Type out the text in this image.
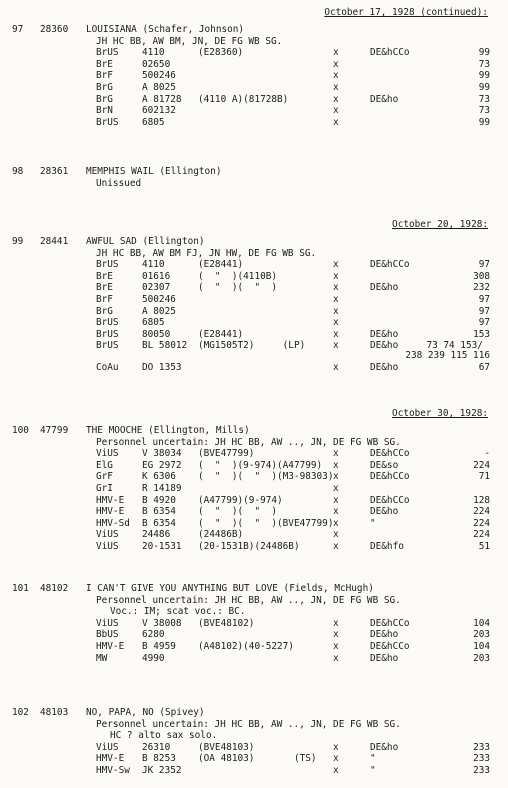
October 17, 1928 (continued):
October 20, 1928:
October 30, 1928:
97 28360 LOUISIANA (Schafer, Johnson)
JH HC BB, AW BM, JN, DE FG WB SG.
BrUS 4110	(E28360)	x	DE&hCCo	99
BrE	02650	x	73
BrF	500246	x	99
BrG	A 8025	x	99
BrG	A 81728 (4110 A)(81728B)	x	DE&ho	73
BrN	602132	x	73
BrUS 6805	x	99
98 28361 MEMPHIS WAIL (Ellington)
Unissued
99 28441 AWFUL SAD (Ellington)
JH HC BB, AW BM FJ, JN HW, DE FG WB SG.
BrUS 4110	(E28441)	x	DE&hCCo	97
BrE	01616	(  "  )(4110B)	x	308
BrE	02307	(  "  )(  "  )	x	DE&ho	232
BrF	500246	x	97
BrG	A 8025	x	97
BrUS 6805	x	97
BrUS 80050	(E28441)	x	DE&ho	153
BrUS BL 58012 (MG1505T2)     (LP)	x	DE&ho     73 74 153/
238 239 115 116
CoAu DO 1353	x	DE&ho	67
100 47799 THE MOOCHE (Ellington, Mills)
Personnel uncertain: JH HC BB, AW .., JN, DE FG WB SG.
ViUS V 38034 (BVE47799)	x	DE&hCCo	-
ElG	EG 2972 (  "  )(9-974)(A47799) x	DE&so	224
GrF	K 6306 (  "  )(  "  )(M3-98303) x	DE&hCCo	71
GrI	R 14189	x
HMV-E B 4920 (A47799)(9-974)	x	DE&hCCo	128
HMV-E B 6354 (  "  )(  "  )	x	DE&ho	224
HMV-Sd B 6354 (  "  )(  "  )(BVE47799) x	"	224
ViUS 24486	(24486B)	x	224
ViUS 20-1531 (20-1531B)(24486B)	x	DE&hfo	51
101 48102 I CAN'T GIVE YOU ANYTHING BUT LOVE (Fields, McHugh)
Personnel uncertain: JH HC BB, AW .., JN, DE FG WB SG.
Voc.: IM; scat voc.: BC.
ViUS V 38008 (BVE48102)	x	DE&hCCo	104
BbUS 6280	x	DE&ho	203
HMV-E B 4959 (A48102)(40-5227)	x	DE&hCCo	104
MW	4990	x	DE&ho	203
102 48103 NO, PAPA, NO (Spivey)
Personnel uncertain: JH HC BB, AW .., JN, DE FG WB SG.
HC ? alto sax solo.
ViUS 26310	(BVE48103)	x	DE&ho	233
HMV-E B 8253 (OA 48103)       (TS) x	"	233
HMV-Sw JK 2352	x	"	233
